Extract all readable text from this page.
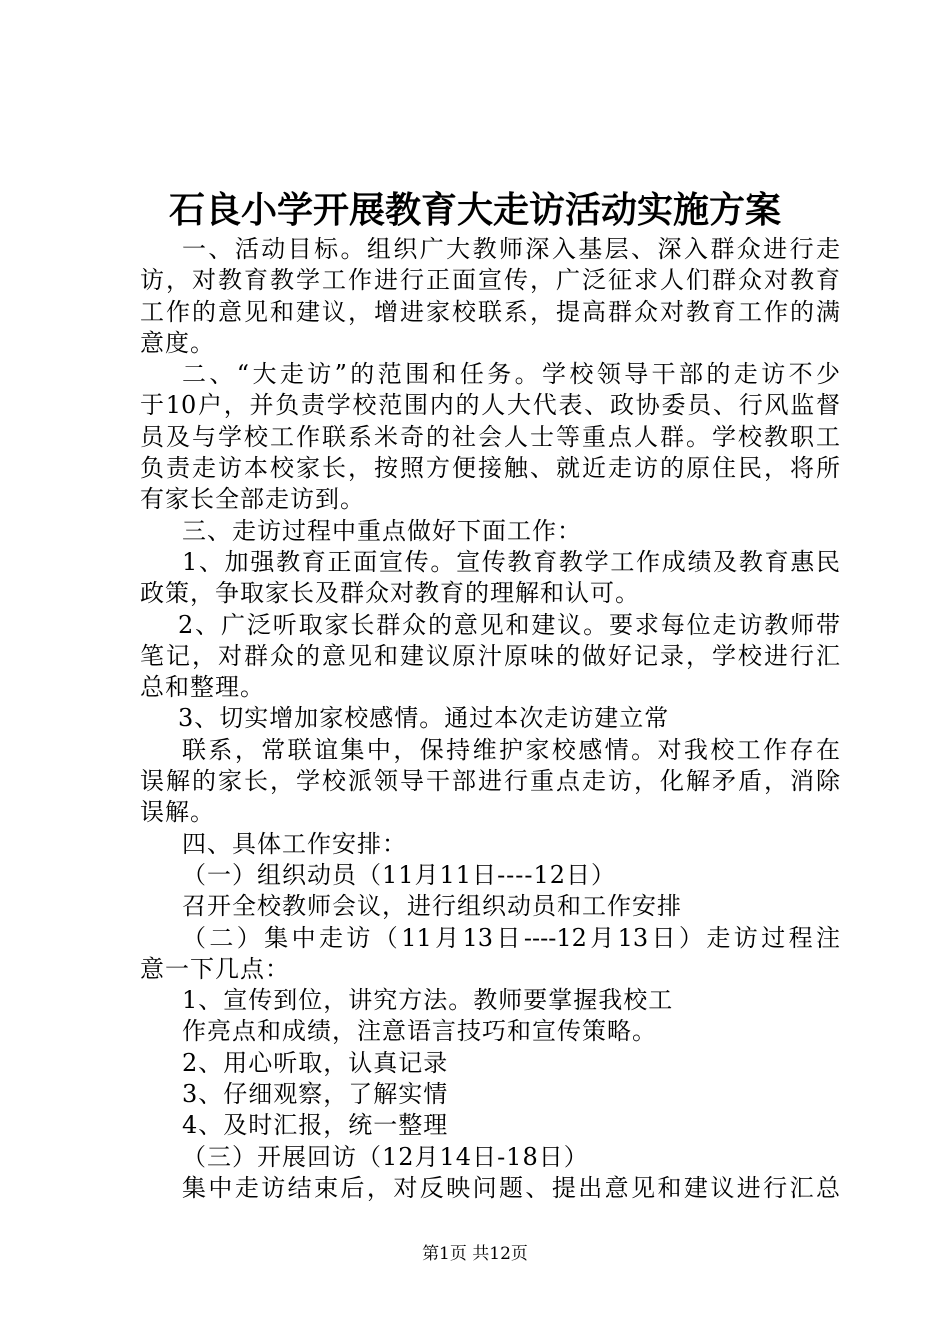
石良小学开展教育大走访活动实施方案
一、活动目标。组织广大教师深入基层、深入群众进行走
访，对教育教学工作进行正面宣传，广泛征求人们群众对教育
工作的意见和建议，增进家校联系，提高群众对教育工作的满
意度。
二、“大走访”的范围和任务。学校领导干部的走访不少
于10户，并负责学校范围内的人大代表、政协委员、行风监督
员及与学校工作联系米奇的社会人士等重点人群。学校教职工
负责走访本校家长，按照方便接触、就近走访的原住民，将所
有家长全部走访到。
三、走访过程中重点做好下面工作：
1、加强教育正面宣传。宣传教育教学工作成绩及教育惠民
政策，争取家长及群众对教育的理解和认可。
2、广泛听取家长群众的意见和建议。要求每位走访教师带
笔记，对群众的意见和建议原汁原味的做好记录，学校进行汇
总和整理。
3、切实增加家校感情。通过本次走访建立常
联系，常联谊集中，保持维护家校感情。对我校工作存在
误解的家长，学校派领导干部进行重点走访，化解矛盾，消除
误解。
四、具体工作安排：
（一）组织动员（11月11日----12日）
召开全校教师会议，进行组织动员和工作安排
（二）集中走访（11月13日----12月13日）走访过程注
意一下几点：
1、宣传到位，讲究方法。教师要掌握我校工
作亮点和成绩，注意语言技巧和宣传策略。
2、用心听取，认真记录
3、仔细观察，了解实情
4、及时汇报，统一整理
（三）开展回访（12月14日-18日）
集中走访结束后，对反映问题、提出意见和建议进行汇总
第1页 共12页
